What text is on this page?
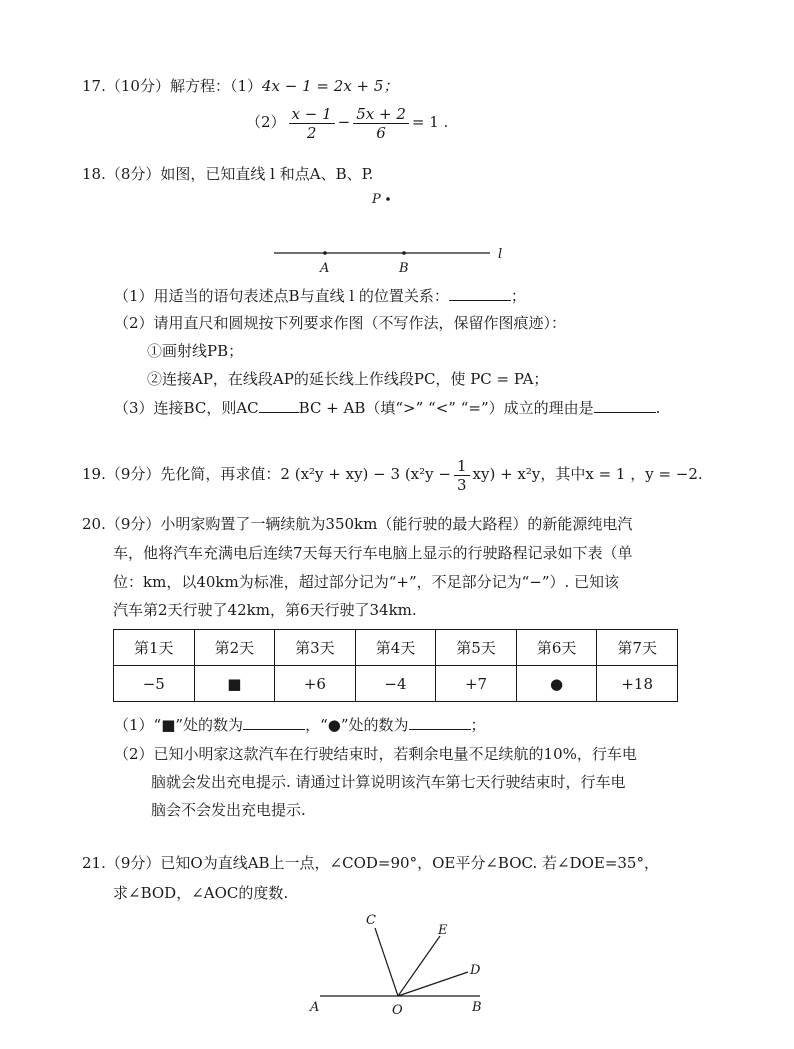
17.（10分）解方程：（1）4x − 1 = 2x + 5；
$(2) \frac{x - 1}{2} - \frac{5x + 2}{6} = 1$ .
18.（8分）如图，已知直线 l 和点A、B、P.
P
A	B
l
（1）用适当的语句表述点B与直线 l 的位置关系：	；
（2）请用直尺和圆规按下列要求作图（不写作法，保留作图痕迹）：
①画射线PB；
②连接AP，在线段AP的延长线上作线段PC，使 PC = PA；
（3）连接BC，则AC	BC + AB（填“>” “<” “=”）成立的理由是	.
19.（9分）先化简，再求值：2 (x²y + xy) − 3 $(x^2y - \frac{1}{3} xy) + x^2y$，其中x = 1 ，y = −2.
20.（9分）小明家购置了一辆续航为350km（能行驶的最大路程）的新能源纯电汽
车，他将汽车充满电后连续7天每天行车电脑上显示的行驶路程记录如下表（单
位：km，以40km为标准，超过部分记为“+”，不足部分记为“−”）. 已知该
汽车第2天行驶了42km，第6天行驶了34km.
第1天	第2天	第3天	第4天	第5天	第6天	第7天
−5	■	+6	−4	+7	●	+18
（1）“■”处的数为	，“●”处的数为	；
（2）已知小明家这款汽车在行驶结束时，若剩余电量不足续航的10%，行车电
脑就会发出充电提示. 请通过计算说明该汽车第七天行驶结束时，行车电
脑会不会发出充电提示.
21.（9分）已知O为直线AB上一点，∠COD=90°，OE平分∠BOC. 若∠DOE=35°，
求∠BOD，∠AOC的度数.
C
E
D
A	O	B
